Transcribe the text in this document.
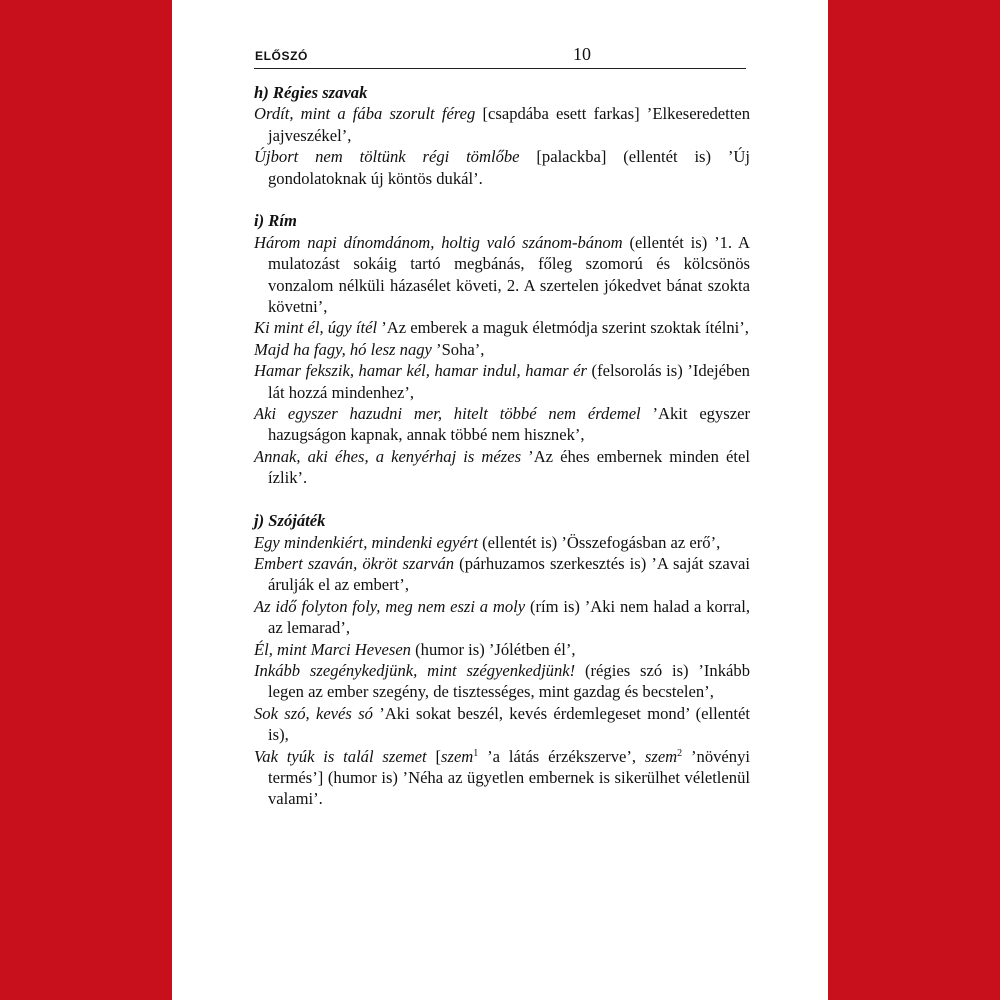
ELŐSZÓ	10

h) Régies szavak

Ordít, mint a fába szorult féreg [csapdába esett farkas] ’Elkeseredetten jajveszékel’,

Újbort nem töltünk régi tömlőbe [palackba] (ellentét is) ’Új gondolatoknak új köntös dukál’.

i) Rím

Három napi dínomdánom, holtig való szánom-bánom (ellentét is) ’1. A mulatozást sokáig tartó megbánás, főleg szomorú és kölcsönös vonzalom nélküli házasélet követi, 2. A szertelen jókedvet bánat szokta követni’,

Ki mint él, úgy ítél ’Az emberek a maguk életmódja szerint szoktak ítélni’,

Majd ha fagy, hó lesz nagy ’Soha’,

Hamar fekszik, hamar kél, hamar indul, hamar ér (felsorolás is) ’Idejében lát hozzá mindenhez’,

Aki egyszer hazudni mer, hitelt többé nem érdemel ’Akit egyszer hazugságon kapnak, annak többé nem hisznek’,

Annak, aki éhes, a kenyérhaj is mézes ’Az éhes embernek minden étel ízlik’.

j) Szójáték

Egy mindenkiért, mindenki egyért (ellentét is) ’Összefogásban az erő’,

Embert szaván, ökröt szarván (párhuzamos szerkesztés is) ’A saját szavai árulják el az embert’,

Az idő folyton foly, meg nem eszi a moly (rím is) ’Aki nem halad a korral, az lemarad’,

Él, mint Marci Hevesen (humor is) ’Jólétben él’,

Inkább szegénykedjünk, mint szégyenkedjünk! (régies szó is) ’Inkább legen az ember szegény, de tisztességes, mint gazdag és becstelen’,

Sok szó, kevés só ’Aki sokat beszél, kevés érdemlegeset mond’ (ellentét is),

Vak tyúk is talál szemet [szem$^1$ ’a látás érzékszerve’, szem$^2$ ’növényi termés’] (humor is) ’Néha az ügyetlen embernek is sikerülhet véletlenül valami’.
